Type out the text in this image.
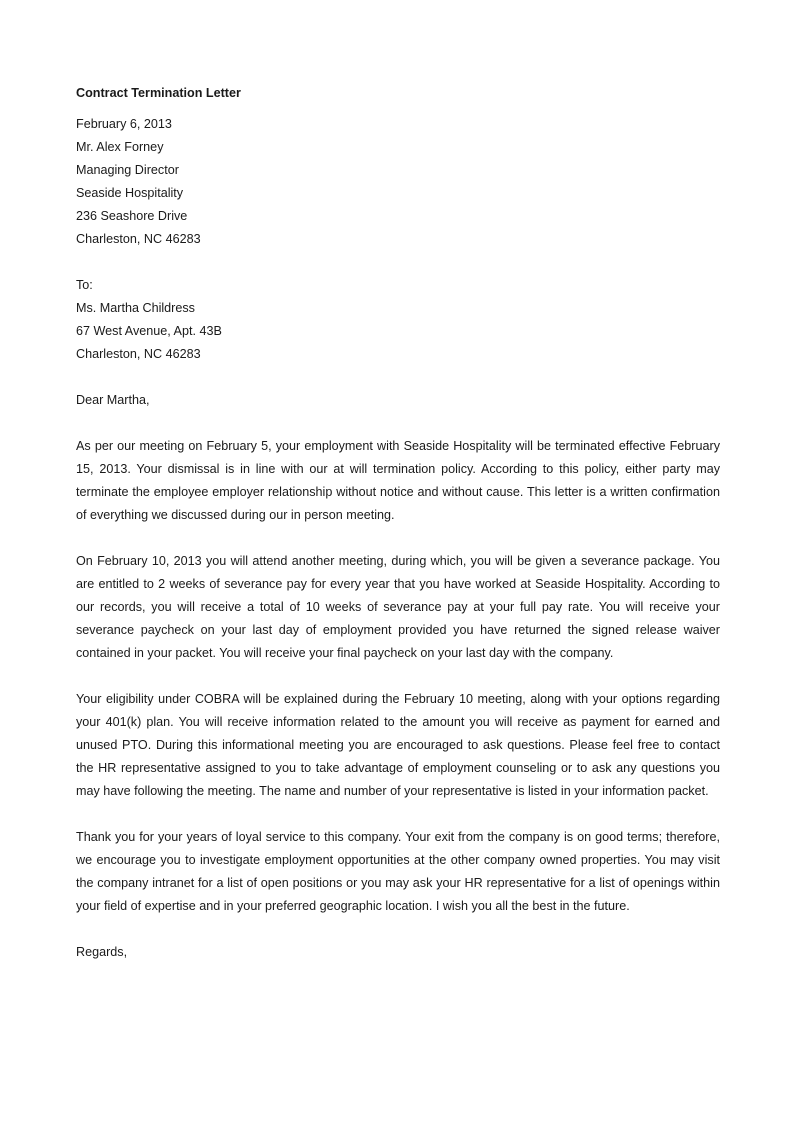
Contract Termination Letter
February 6, 2013
Mr. Alex Forney
Managing Director
Seaside Hospitality
236 Seashore Drive
Charleston, NC 46283
To:
Ms. Martha Childress
67 West Avenue, Apt. 43B
Charleston, NC 46283
Dear Martha,
As per our meeting on February 5, your employment with Seaside Hospitality will be terminated effective February 15, 2013. Your dismissal is in line with our at will termination policy. According to this policy, either party may terminate the employee employer relationship without notice and without cause. This letter is a written confirmation of everything we discussed during our in person meeting.
On February 10, 2013 you will attend another meeting, during which, you will be given a severance package. You are entitled to 2 weeks of severance pay for every year that you have worked at Seaside Hospitality. According to our records, you will receive a total of 10 weeks of severance pay at your full pay rate. You will receive your severance paycheck on your last day of employment provided you have returned the signed release waiver contained in your packet. You will receive your final paycheck on your last day with the company.
Your eligibility under COBRA will be explained during the February 10 meeting, along with your options regarding your 401(k) plan. You will receive information related to the amount you will receive as payment for earned and unused PTO. During this informational meeting you are encouraged to ask questions. Please feel free to contact the HR representative assigned to you to take advantage of employment counseling or to ask any questions you may have following the meeting. The name and number of your representative is listed in your information packet.
Thank you for your years of loyal service to this company. Your exit from the company is on good terms; therefore, we encourage you to investigate employment opportunities at the other company owned properties. You may visit the company intranet for a list of open positions or you may ask your HR representative for a list of openings within your field of expertise and in your preferred geographic location. I wish you all the best in the future.
Regards,
